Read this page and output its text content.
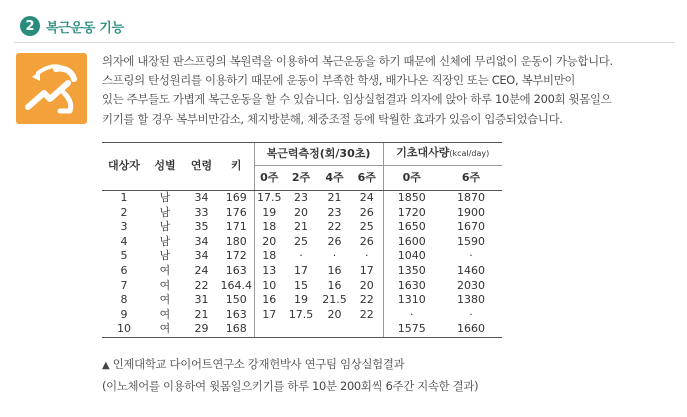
2 복근운동 기능
의자에 내장된 판스프링의 복원력을 이용하여 복근운동을 하기 때문에 신체에 무리없이 운동이 가능합니다.
스프링의 탄성원리를 이용하기 때문에 운동이 부족한 학생, 배가나온 직장인 또는 CEO, 복부비만이
있는 주부들도 가볍게 복근운동을 할 수 있습니다. 임상실험결과 의자에 앉아 하루 10분에 200회 윗몸일으
키기를 할 경우 복부비만감소, 체지방분해, 체중조절 등에 탁월한 효과가 있음이 입증되었습니다.
대상자	성별	연령	키	복근력측정(회/30초)				기초대사량(kcal/day)	
				0주	2주	4주	6주	0주	6주
1	남	34	169	17.5	23	21	24	1850	1870
2	남	33	176	19	20	23	26	1720	1900
3	남	35	171	18	21	22	25	1650	1670
4	남	34	180	20	25	26	26	1600	1590
5	남	34	172	18	·	·	·	1040	·
6	여	24	163	13	17	16	17	1350	1460
7	여	22	164.4	10	15	16	20	1630	2030
8	여	31	150	16	19	21.5	22	1310	1380
9	여	21	163	17	17.5	20	22	·	·
10	여	29	168					1575	1660
▲ 인제대학교 다이어트연구소 강재헌박사 연구팀 임상실험결과
(이노체어를 이용하여 윗몸일으키기를 하루 10분 200회씩 6주간 지속한 결과)
